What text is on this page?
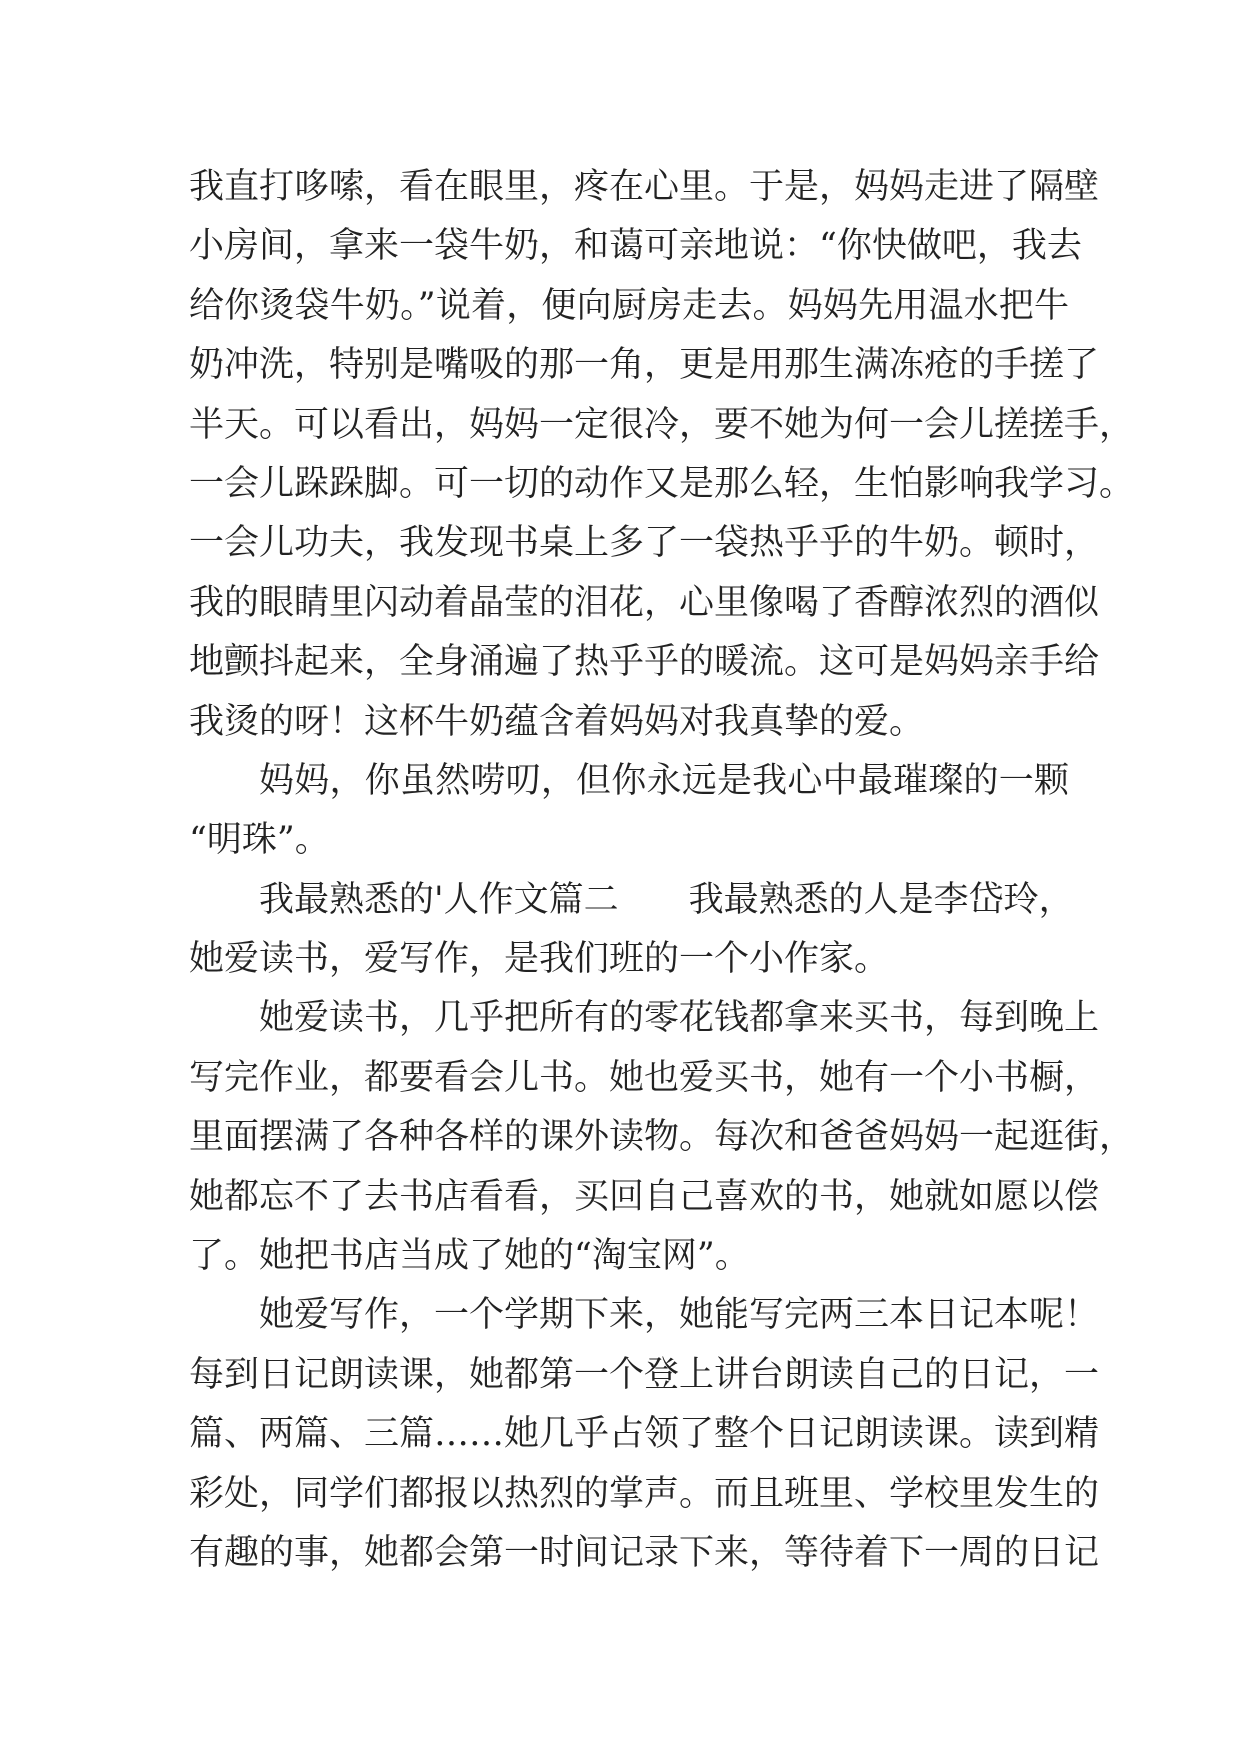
我直打哆嗦，看在眼里，疼在心里。于是，妈妈走进了隔壁
小房间，拿来一袋牛奶，和蔼可亲地说：“你快做吧，我去
给你烫袋牛奶。”说着，便向厨房走去。妈妈先用温水把牛
奶冲洗，特别是嘴吸的那一角，更是用那生满冻疮的手搓了
半天。可以看出，妈妈一定很冷，要不她为何一会儿搓搓手，
一会儿跺跺脚。可一切的动作又是那么轻，生怕影响我学习。
一会儿功夫，我发现书桌上多了一袋热乎乎的牛奶。顿时，
我的眼睛里闪动着晶莹的泪花，心里像喝了香醇浓烈的酒似
地颤抖起来，全身涌遍了热乎乎的暖流。这可是妈妈亲手给
我烫的呀！这杯牛奶蕴含着妈妈对我真挚的爱。
妈妈，你虽然唠叨，但你永远是我心中最璀璨的一颗
“明珠”。
我最熟悉的'人作文篇二 我最熟悉的人是李岱玲，
她爱读书，爱写作，是我们班的一个小作家。
她爱读书，几乎把所有的零花钱都拿来买书，每到晚上
写完作业，都要看会儿书。她也爱买书，她有一个小书橱，
里面摆满了各种各样的课外读物。每次和爸爸妈妈一起逛街，
她都忘不了去书店看看，买回自己喜欢的书，她就如愿以偿
了。她把书店当成了她的“淘宝网”。
她爱写作，一个学期下来，她能写完两三本日记本呢！
每到日记朗读课，她都第一个登上讲台朗读自己的日记，一
篇、两篇、三篇……她几乎占领了整个日记朗读课。读到精
彩处，同学们都报以热烈的掌声。而且班里、学校里发生的
有趣的事，她都会第一时间记录下来，等待着下一周的日记
